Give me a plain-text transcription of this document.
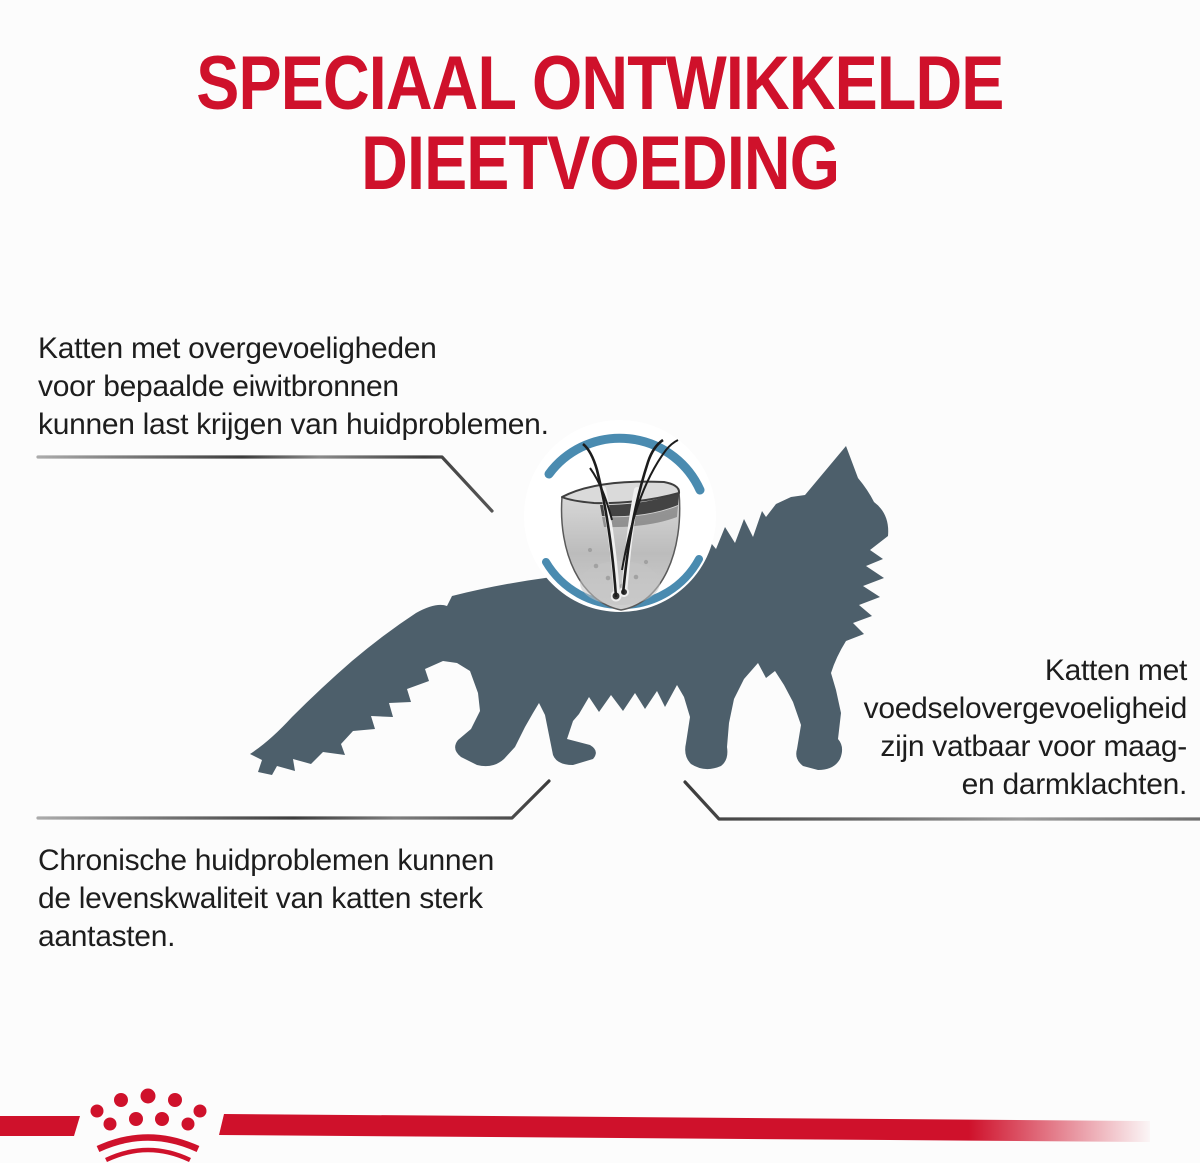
SPECIAAL ONTWIKKELDE
DIEETVOEDING
Katten met overgevoeligheden
voor bepaalde eiwitbronnen
kunnen last krijgen van huidproblemen.
Katten met
voedselovergevoeligheid
zijn vatbaar voor maag-
en darmklachten.
Chronische huidproblemen kunnen
de levenskwaliteit van katten sterk
aantasten.
